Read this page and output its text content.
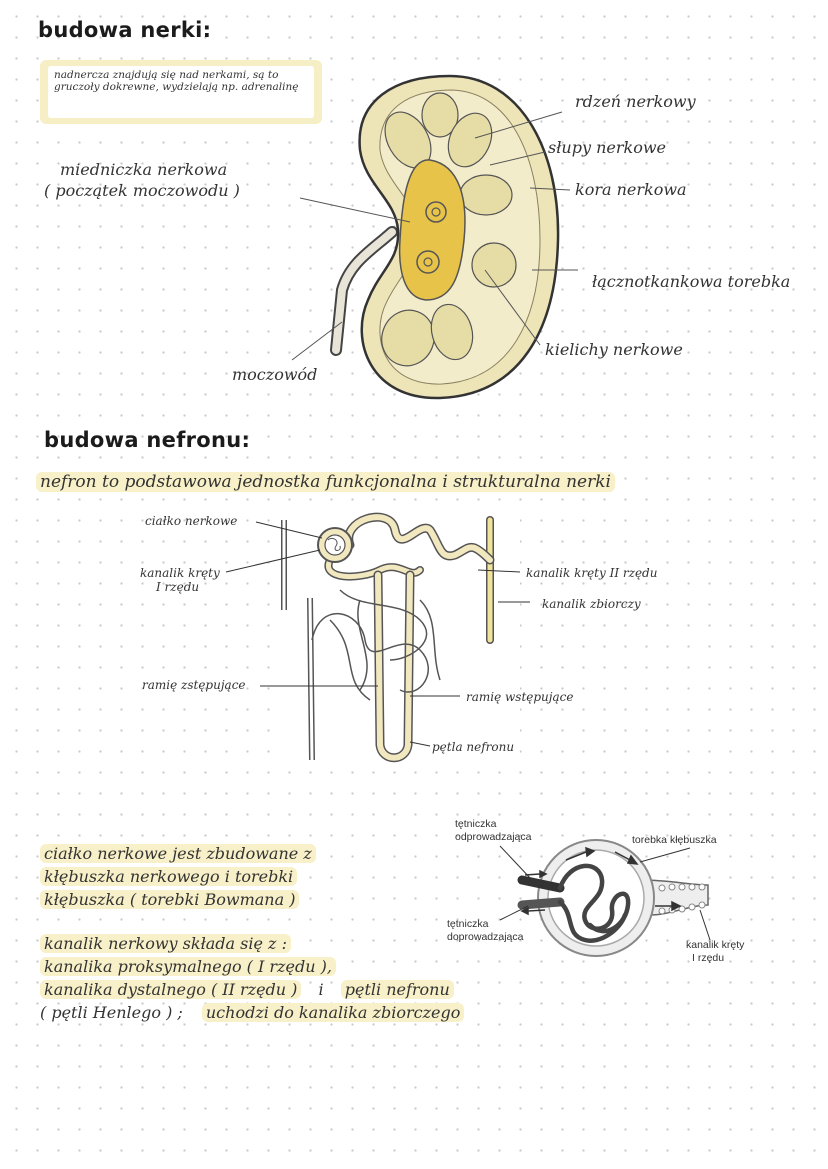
budowa nerki:
nadnercza znajdują się nad nerkami, są to gruczoły dokrewne, wydzielają np. adrenalinę
rdzeń nerkowy
słupy nerkowe
kora nerkowa
miedniczka nerkowa
( początek moczowodu )
łącznotkankowa torebka
kielichy nerkowe
moczowód
budowa nefronu:
nefron to podstawowa jednostka funkcjonalna i strukturalna nerki
ciałko nerkowe
kanalik kręty
I rzędu
kanalik kręty II rzędu
kanalik zbiorczy
ramię zstępujące
ramię wstępujące
pętla nefronu
tętniczka
odprowadzająca	torebka kłębuszka
tętniczka
doprowadzająca
kanalik kręty
I rzędu
ciałko nerkowe jest zbudowane z
kłębuszka nerkowego i torebki
kłębuszka ( torebki Bowmana )
kanalik nerkowy składa się z :
kanalika proksymalnego ( I rzędu ),
kanalika dystalnego ( II rzędu ) i pętli nefronu
( pętli Henlego ) ; uchodzi do kanalika zbiorczego
